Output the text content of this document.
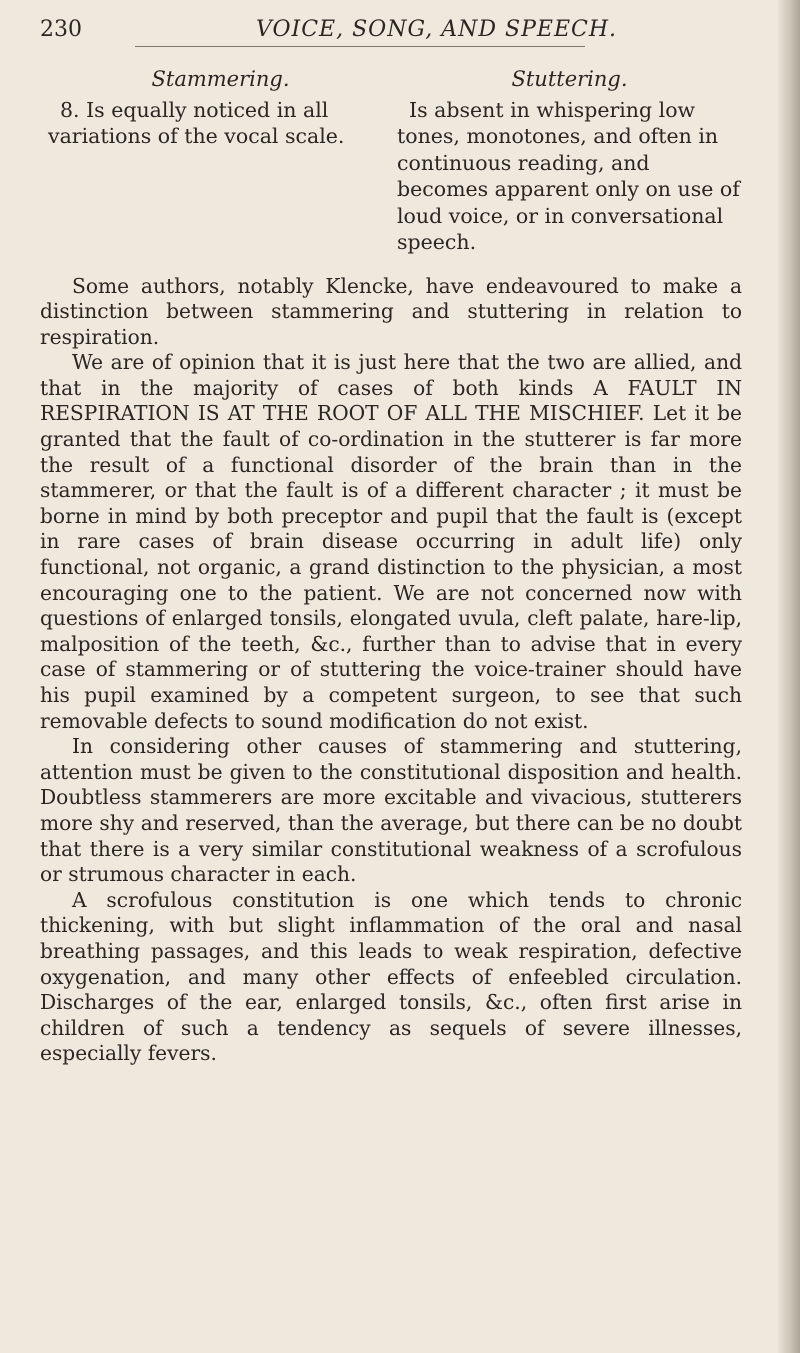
230	VOICE, SONG, AND SPEECH.
Stammering.
8. Is equally noticed in all variations of the vocal scale.
Stuttering.
Is absent in whispering low tones, monotones, and often in continuous reading, and becomes apparent only on use of loud voice, or in conversational speech.

Some authors, notably Klencke, have endeavoured to make a distinction between stammering and stuttering in relation to respiration.

We are of opinion that it is just here that the two are allied, and that in the majority of cases of both kinds A FAULT IN RESPIRATION IS AT THE ROOT OF ALL THE MISCHIEF. Let it be granted that the fault of co-ordination in the stutterer is far more the result of a functional disorder of the brain than in the stammerer, or that the fault is of a different character ; it must be borne in mind by both preceptor and pupil that the fault is (except in rare cases of brain disease occurring in adult life) only functional, not organic, a grand distinction to the physician, a most encouraging one to the patient. We are not concerned now with questions of enlarged tonsils, elongated uvula, cleft palate, hare-lip, malposition of the teeth, &c., further than to advise that in every case of stammering or of stuttering the voice-trainer should have his pupil examined by a competent surgeon, to see that such removable defects to sound modification do not exist.

In considering other causes of stammering and stuttering, attention must be given to the constitutional disposition and health. Doubtless stammerers are more excitable and vivacious, stutterers more shy and reserved, than the average, but there can be no doubt that there is a very similar constitutional weakness of a scrofulous or strumous character in each.

A scrofulous constitution is one which tends to chronic thickening, with but slight inflammation of the oral and nasal breathing passages, and this leads to weak respiration, defective oxygenation, and many other effects of enfeebled circulation. Discharges of the ear, enlarged tonsils, &c., often first arise in children of such a tendency as sequels of severe illnesses, especially fevers.
